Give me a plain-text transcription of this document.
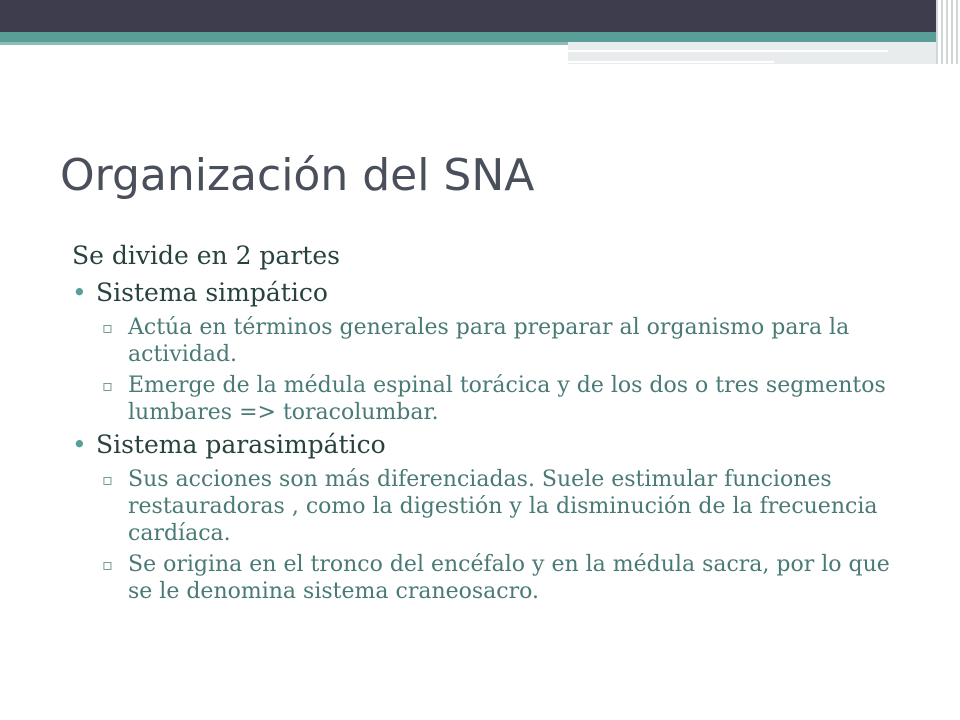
Organización del SNA

Se divide en 2 partes

• Sistema simpático
▫ Actúa en términos generales para preparar al organismo para la actividad.
▫ Emerge de la médula espinal torácica y de los dos o tres segmentos lumbares => toracolumbar.
• Sistema parasimpático
▫ Sus acciones son más diferenciadas. Suele estimular funciones restauradoras , como la digestión y la disminución de la frecuencia cardíaca.
▫ Se origina en el tronco del encéfalo y en la médula sacra, por lo que se le denomina sistema craneosacro.
